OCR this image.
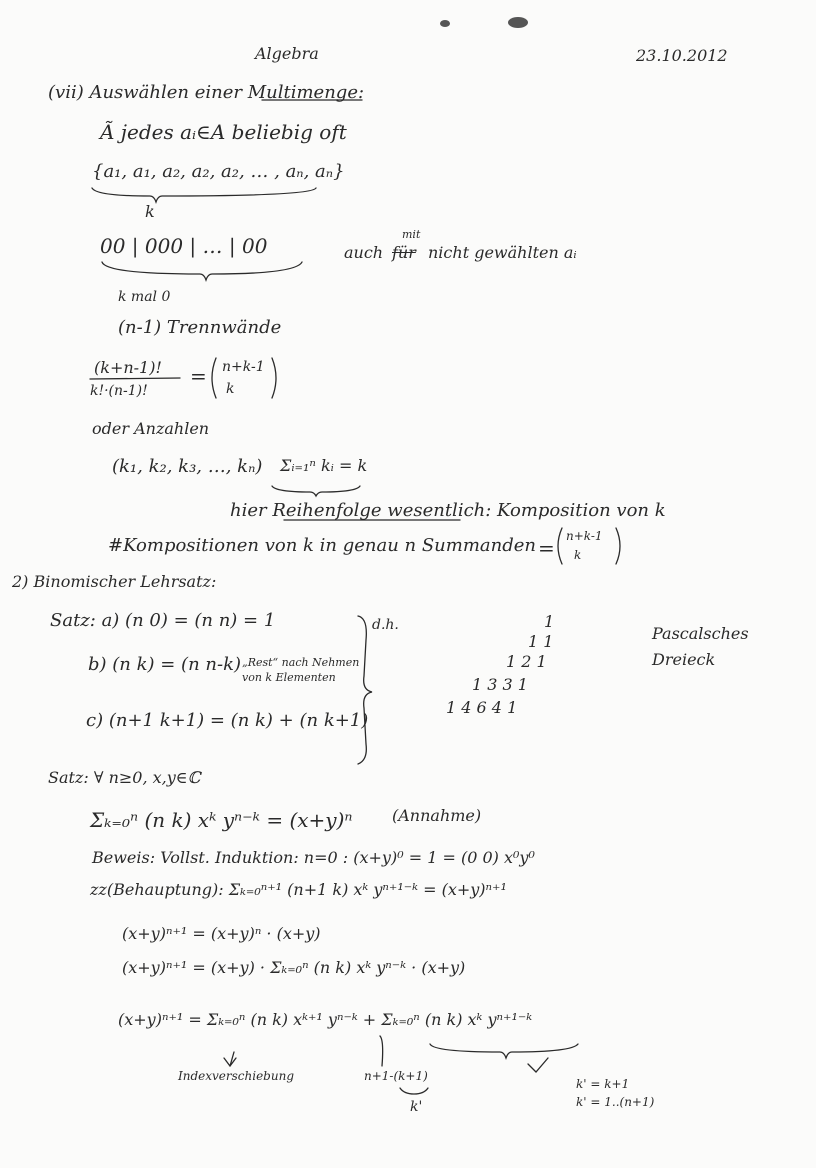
Algebra	23.10.2012
(vii) Auswählen einer Multimenge:
Ã jedes aᵢ∈A beliebig oft
{a₁, a₁, a₂, a₂, a₂, … , aₙ, aₙ}
k
00 | 000 | … | 00	auch für
mit
nicht gewählten aᵢ
k mal 0
(n-1) Trennwände
(k+n-1)!
k!·(n-1)!
= n+k-1
k
oder Anzahlen
(k₁, k₂, k₃, …, kₙ) Σᵢ₌₁ⁿ kᵢ = k
hier Reihenfolge wesentlich: Komposition von k
#Kompositionen von k in genau n Summanden = n+k-1
k
2) Binomischer Lehrsatz:
Satz: a) (n 0) = (n n) = 1
b) (n k) = (n n-k) „Rest“ nach Nehmen von k Elementen
c) (n+1 k+1) = (n k) + (n k+1)
d.h.	1
1 1
1 2 1
1 3 3 1
1 4 6 4 1
Pascalsches
Dreieck
Satz: ∀ n≥0, x,y∈ℂ
Σₖ₌₀ⁿ (n k) xᵏ yⁿ⁻ᵏ = (x+y)ⁿ (Annahme)
Beweis: Vollst. Induktion: n=0 : (x+y)⁰ = 1 = (0 0) x⁰y⁰
zz(Behauptung): Σₖ₌₀ⁿ⁺¹ (n+1 k) xᵏ yⁿ⁺¹⁻ᵏ = (x+y)ⁿ⁺¹
(x+y)ⁿ⁺¹ = (x+y)ⁿ · (x+y)
(x+y)ⁿ⁺¹ = (x+y) · Σₖ₌₀ⁿ (n k) xᵏ yⁿ⁻ᵏ · (x+y)
(x+y)ⁿ⁺¹ = Σₖ₌₀ⁿ (n k) xᵏ⁺¹ yⁿ⁻ᵏ + Σₖ₌₀ⁿ (n k) xᵏ yⁿ⁺¹⁻ᵏ
Indexverschiebung	n+1-(k+1)
k'
k' = k+1
k' = 1..(n+1)
